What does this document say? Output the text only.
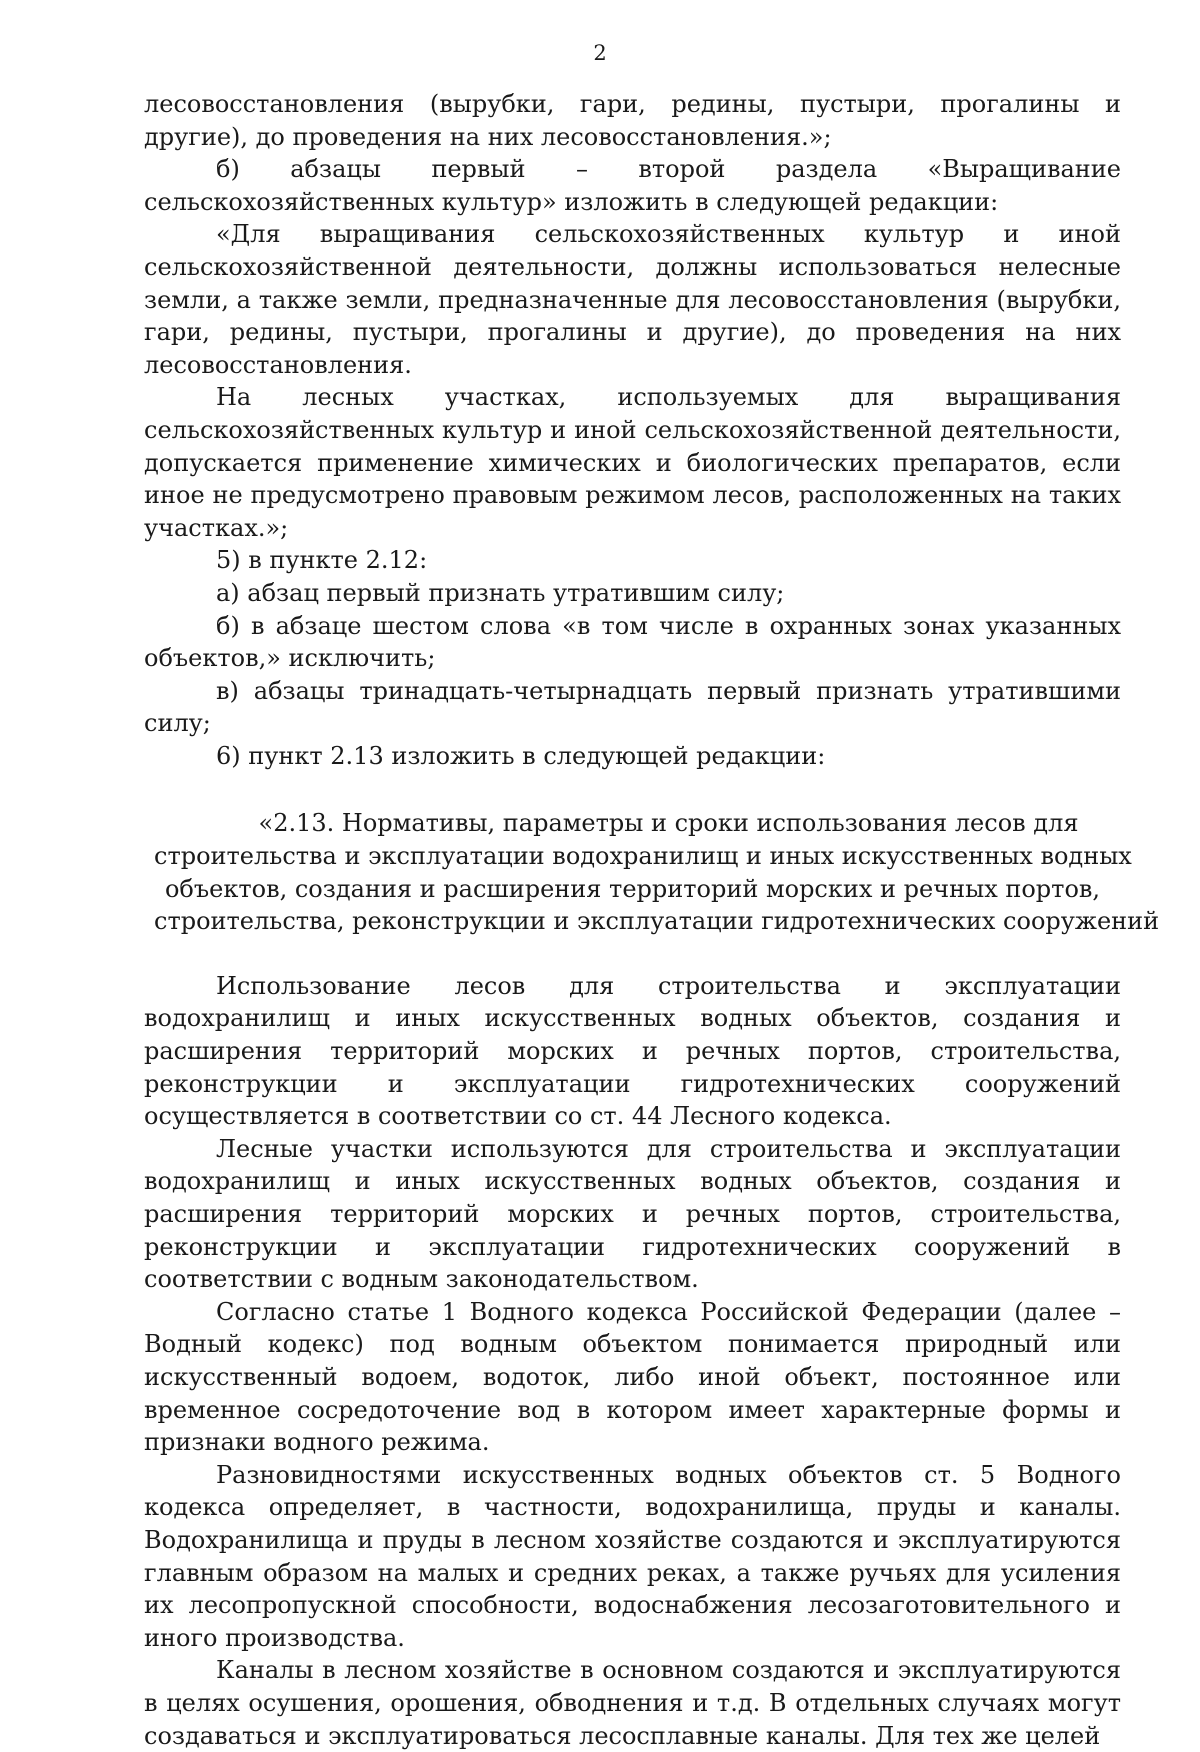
2

лесовосстановления (вырубки, гари, редины, пустыри, прогалины и другие), до проведения на них лесовосстановления.»;

б) абзацы первый – второй раздела «Выращивание сельскохозяйственных культур» изложить в следующей редакции:

«Для выращивания сельскохозяйственных культур и иной сельскохозяйственной деятельности, должны использоваться нелесные земли, а также земли, предназначенные для лесовосстановления (вырубки, гари, редины, пустыри, прогалины и другие), до проведения на них лесовосстановления.

На лесных участках, используемых для выращивания сельскохозяйственных культур и иной сельскохозяйственной деятельности, допускается применение химических и биологических препаратов, если иное не предусмотрено правовым режимом лесов, расположенных на таких участках.»;

5) в пункте 2.12:

а) абзац первый признать утратившим силу;

б) в абзаце шестом слова «в том числе в охранных зонах указанных объектов,» исключить;

в) абзацы тринадцать-четырнадцать первый признать утратившими силу;

6) пункт 2.13 изложить в следующей редакции:

«2.13. Нормативы, параметры и сроки использования лесов для
строительства и эксплуатации водохранилищ и иных искусственных водных
объектов, создания и расширения территорий морских и речных портов,
строительства, реконструкции и эксплуатации гидротехнических сооружений

Использование лесов для строительства и эксплуатации водохранилищ и иных искусственных водных объектов, создания и расширения территорий морских и речных портов, строительства, реконструкции и эксплуатации гидротехнических сооружений осуществляется в соответствии со ст. 44 Лесного кодекса.

Лесные участки используются для строительства и эксплуатации водохранилищ и иных искусственных водных объектов, создания и расширения территорий морских и речных портов, строительства, реконструкции и эксплуатации гидротехнических сооружений в соответствии с водным законодательством.

Согласно статье 1 Водного кодекса Российской Федерации (далее – Водный кодекс) под водным объектом понимается природный или искусственный водоем, водоток, либо иной объект, постоянное или временное сосредоточение вод в котором имеет характерные формы и признаки водного режима.

Разновидностями искусственных водных объектов ст. 5 Водного кодекса определяет, в частности, водохранилища, пруды и каналы. Водохранилища и пруды в лесном хозяйстве создаются и эксплуатируются главным образом на малых и средних реках, а также ручьях для усиления их лесопропускной способности, водоснабжения лесозаготовительного и иного производства.

Каналы в лесном хозяйстве в основном создаются и эксплуатируются в целях осушения, орошения, обводнения и т.д. В отдельных случаях могут создаваться и эксплуатироваться лесосплавные каналы. Для тех же целей
